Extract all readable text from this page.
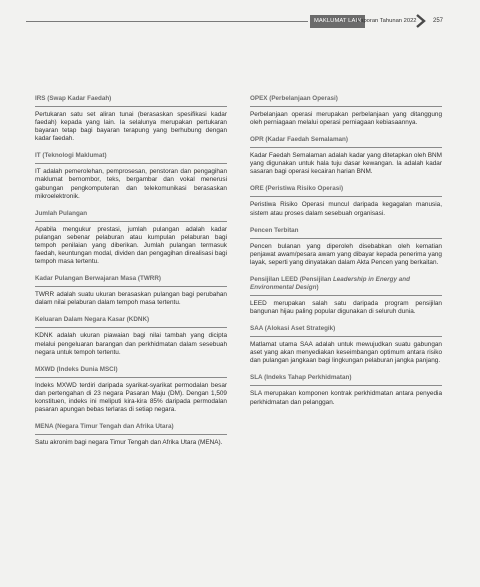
MAKLUMAT LAIN
Laporan Tahunan 2022	257
IRS (Swap Kadar Faedah)
Pertukaran satu set aliran tunai (berasaskan spesifikasi kadar faedah) kepada yang lain. Ia selalunya merupakan pertukaran bayaran tetap bagi bayaran terapung yang berhubung dengan kadar faedah.
IT (Teknologi Maklumat)
IT adalah pemerolehan, pemprosesan, penstoran dan pengagihan maklumat bernombor, teks, bergambar dan vokal menerusi gabungan pengkomputeran dan telekomunikasi berasaskan mikroelektronik.
Jumlah Pulangan
Apabila mengukur prestasi, jumlah pulangan adalah kadar pulangan sebenar pelaburan atau kumpulan pelaburan bagi tempoh penilaian yang diberikan. Jumlah pulangan termasuk faedah, keuntungan modal, dividen dan pengagihan direalisasi bagi tempoh masa tertentu.
Kadar Pulangan Berwajaran Masa (TWRR)
TWRR adalah suatu ukuran berasaskan pulangan bagi perubahan dalam nilai pelaburan dalam tempoh masa tertentu.
Keluaran Dalam Negara Kasar (KDNK)
KDNK adalah ukuran piawaian bagi nilai tambah yang dicipta melalui pengeluaran barangan dan perkhidmatan dalam sesebuah negara untuk tempoh tertentu.
MXWD (Indeks Dunia MSCI)
Indeks MXWD terdiri daripada syarikat-syarikat permodalan besar dan pertengahan di 23 negara Pasaran Maju (DM). Dengan 1,509 konstituen, indeks ini meliputi kira-kira 85% daripada permodalan pasaran apungan bebas terlaras di setiap negara.
MENA (Negara Timur Tengah dan Afrika Utara)
Satu akronim bagi negara Timur Tengah dan Afrika Utara (MENA).
OPEX (Perbelanjaan Operasi)
Perbelanjaan operasi merupakan perbelanjaan yang ditanggung oleh perniagaan melalui operasi perniagaan kebiasaannya.
OPR (Kadar Faedah Semalaman)
Kadar Faedah Semalaman adalah kadar yang ditetapkan oleh BNM yang digunakan untuk hala tuju dasar kewangan. Ia adalah kadar sasaran bagi operasi kecairan harian BNM.
ORE (Peristiwa Risiko Operasi)
Peristiwa Risiko Operasi muncul daripada kegagalan manusia, sistem atau proses dalam sesebuah organisasi.
Pencen Terbitan
Pencen bulanan yang diperoleh disebabkan oleh kematian penjawat awam/pesara awam yang dibayar kepada penerima yang layak, seperti yang dinyatakan dalam Akta Pencen yang berkaitan.
Pensijilan LEED (Pensijilan Leadership in Energy and
Environmental Design)
LEED merupakan salah satu daripada program pensijilan bangunan hijau paling popular digunakan di seluruh dunia.
SAA (Alokasi Aset Strategik)
Matlamat utama SAA adalah untuk mewujudkan suatu gabungan aset yang akan menyediakan keseimbangan optimum antara risiko dan pulangan jangkaan bagi lingkungan pelaburan jangka panjang.
SLA (Indeks Tahap Perkhidmatan)
SLA merupakan komponen kontrak perkhidmatan antara penyedia perkhidmatan dan pelanggan.
